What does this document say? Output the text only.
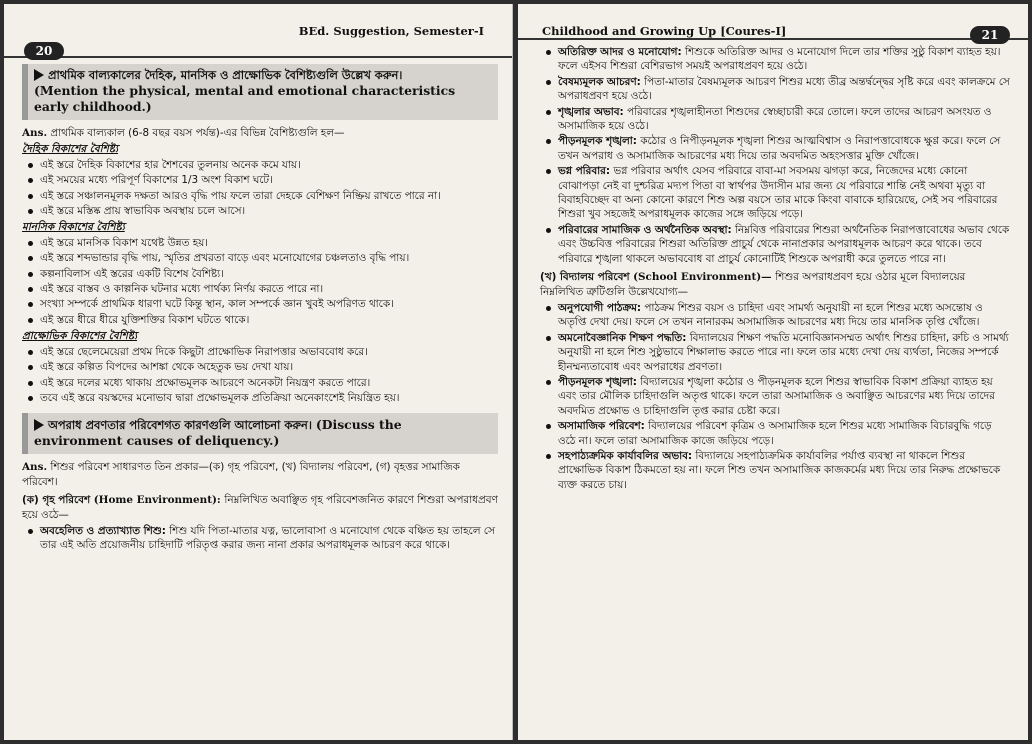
20
BEd. Suggestion, Semester-I
প্রাথমিক বাল্যকালের দৈহিক, মানসিক ও প্রাক্ষোভিক বৈশিষ্ট্যগুলি উল্লেখ করুন।
(Mention the physical, mental and emotional characteristics early childhood.)
Ans. প্রাথমিক বাল্যকাল (6-8 বছর বয়স পর্যন্ত)-এর বিভিন্ন বৈশিষ্ট্যগুলি হল—
দৈহিক বিকাশের বৈশিষ্ট্য
এই স্তরে দৈহিক বিকাশের হার শৈশবের তুলনায় অনেক কমে যায়।
এই সময়ের মধ্যে পরিপূর্ণ বিকাশের 1/3 অংশ বিকাশ ঘটে।
এই স্তরে সঞ্চালনমূলক দক্ষতা আরও বৃদ্ধি পায় ফলে তারা দেহকে বেশিক্ষণ নিষ্ক্রিয় রাখতে পারে না।
এই স্তরে মস্তিষ্ক প্রায় স্বাভাবিক অবস্থায় চলে আসে।
মানসিক বিকাশের বৈশিষ্ট্য
এই স্তরে মানসিক বিকাশ যথেষ্ট উন্নত হয়।
এই স্তরে শব্দভান্ডার বৃদ্ধি পায়, স্মৃতির প্রখরতা বাড়ে এবং মনোযোগের চঞ্চলতাও বৃদ্ধি পায়।
কল্পনাবিলাস এই স্তরের একটি বিশেষ বৈশিষ্ট্য।
এই স্তরে বাস্তব ও কাল্পনিক ঘটনার মধ্যে পার্থক্য নির্ণয় করতে পারে না।
সংখ্যা সম্পর্কে প্রাথমিক ধারণা ঘটে কিন্তু স্থান, কাল সম্পর্কে জ্ঞান খুবই অপরিণত থাকে।
এই স্তরে ধীরে ধীরে যুক্তিশক্তির বিকাশ ঘটতে থাকে।
প্রাক্ষোভিক বিকাশের বৈশিষ্ট্য
এই স্তরে ছেলেমেয়েরা প্রথম দিকে কিছুটা প্রাক্ষোভিক নিরাপত্তার অভাববোধ করে।
এই স্তরে কল্পিত বিপদের আশঙ্কা থেকে অহেতুক ভয় দেখা যায়।
এই স্তরে দলের মধ্যে থাকায় প্রক্ষোভমূলক আচরণে অনেকটা নিয়ন্ত্রণ করতে পারে।
তবে এই স্তরে বয়স্কদের মনোভাব দ্বারা প্রক্ষোভমূলক প্রতিক্রিয়া অনেকাংশেই নিয়ন্ত্রিত হয়।
অপরাধ প্রবণতার পরিবেশগত কারণগুলি আলোচনা করুন। (Discuss the environment causes of deliquency.)
Ans. শিশুর পরিবেশ সাধারণত তিন প্রকার—(ক) গৃহ পরিবেশ, (খ) বিদ্যালয় পরিবেশ, (গ) বৃহত্তর সামাজিক পরিবেশ।
(ক) গৃহ পরিবেশ (Home Environment): নিম্নলিখিত অবাঞ্ছিত গৃহ পরিবেশজনিত কারণে শিশুরা অপরাধপ্রবণ হয়ে ওঠে—
অবহেলিত ও প্রত্যাখ্যাত শিশু: শিশু যদি পিতা-মাতার যত্ন, ভালোবাসা ও মনোযোগ থেকে বঞ্চিত হয় তাহলে সে তার এই অতি প্রয়োজনীয় চাহিদাটি পরিতৃপ্ত করার জন্য নানা প্রকার অপরাধমূলক আচরণ করে থাকে।
Childhood and Growing Up [Coures-I]	21
অতিরিক্ত আদর ও মনোযোগ: শিশুকে অতিরিক্ত আদর ও মনোযোগ দিলে তার শক্তির সুষ্ঠু বিকাশ ব্যাহত হয়। ফলে এইসব শিশুরা বেশিরভাগ সময়ই অপরাধপ্রবণ হয়ে ওঠে।
বৈষম্যমূলক আচরণ: পিতা-মাতার বৈষম্যমূলক আচরণ শিশুর মধ্যে তীব্র অন্তর্দ্বন্দ্বের সৃষ্টি করে এবং কালক্রমে সে অপরাধপ্রবণ হয়ে ওঠে।
শৃঙ্খলার অভাব: পরিবারের শৃঙ্খলাহীনতা শিশুদের স্বেচ্ছাচারী করে তোলে। ফলে তাদের আচরণ অসংযত ও অসামাজিক হয়ে ওঠে।
পীড়নমূলক শৃঙ্খলা: কঠোর ও নিপীড়নমূলক শৃঙ্খলা শিশুর আত্মবিশ্বাস ও নিরাপত্তাবোধকে ক্ষুণ্ণ করে। ফলে সে তখন অপরাধ ও অসামাজিক আচরণের মধ্য দিয়ে তার অবদমিত অহংসত্তার মুক্তি খোঁজে।
ভগ্ন পরিবার: ভগ্ন পরিবার অর্থাৎ যেসব পরিবারে বাবা-মা সবসময় ঝগড়া করে, নিজেদের মধ্যে কোনো বোঝাপড়া নেই বা দুশ্চরিত্র মদ্যপ পিতা বা স্বার্থপর উদাসীন মার জন্য যে পরিবারে শান্তি নেই অথবা মৃত্যু বা বিবাহবিচ্ছেদ বা অন্য কোনো কারণে শিশু অল্প বয়সে তার মাকে কিংবা বাবাকে হারিয়েছে, সেই সব পরিবারের শিশুরা খুব সহজেই অপরাধমূলক কাজের সঙ্গে জড়িয়ে পড়ে।
পরিবারের সামাজিক ও অর্থনৈতিক অবস্থা: নিম্নবিত্ত পরিবারের শিশুরা অর্থনৈতিক নিরাপত্তাবোধের অভাব থেকে এবং উচ্চবিত্ত পরিবারের শিশুরা অতিরিক্ত প্রাচুর্য থেকে নানাপ্রকার অপরাধমূলক আচরণ করে থাকে। তবে পরিবারে শৃঙ্খলা থাকলে অভাববোধ বা প্রাচুর্য কোনোটিই শিশুকে অপরাধী করে তুলতে পারে না।
(খ) বিদ্যালয় পরিবেশ (School Environment)— শিশুর অপরাধপ্রবণ হয়ে ওঠার মূলে বিদ্যালয়ের নিম্নলিখিত ত্রুটিগুলি উল্লেখযোগ্য—
অনুপযোগী পাঠক্রম: পাঠক্রম শিশুর বয়স ও চাহিদা এবং সামর্থ্য অনুযায়ী না হলে শিশুর মধ্যে অসন্তোষ ও অতৃপ্তি দেখা দেয়। ফলে সে তখন নানারকম অসামাজিক আচরণের মধ্য দিয়ে তার মানসিক তৃপ্তি খোঁজে।
অমনোবৈজ্ঞানিক শিক্ষণ পদ্ধতি: বিদ্যালয়ের শিক্ষণ পদ্ধতি মনোবিজ্ঞানসম্মত অর্থাৎ শিশুর চাহিদা, রুচি ও সামর্থ্য অনুযায়ী না হলে শিশু সুষ্ঠুভাবে শিক্ষালাভ করতে পারে না। ফলে তার মধ্যে দেখা দেয় ব্যর্থতা, নিজের সম্পর্কে হীনম্মন্যতাবোধ এবং অপরাধের প্রবণতা।
পীড়নমূলক শৃঙ্খলা: বিদ্যালয়ের শৃঙ্খলা কঠোর ও পীড়নমূলক হলে শিশুর স্বাভাবিক বিকাশ প্রক্রিয়া ব্যাহত হয় এবং তার মৌলিক চাহিদাগুলি অতৃপ্ত থাকে। ফলে তারা অসামাজিক ও অবাঞ্ছিত আচরণের মধ্য দিয়ে তাদের অবদমিত প্রক্ষোভ ও চাহিদাগুলি তৃপ্ত করার চেষ্টা করে।
অসামাজিক পরিবেশ: বিদ্যালয়ের পরিবেশ কৃত্রিম ও অসামাজিক হলে শিশুর মধ্যে সামাজিক বিচারবুদ্ধি গড়ে ওঠে না। ফলে তারা অসামাজিক কাজে জড়িয়ে পড়ে।
সহপাঠ্যক্রমিক কার্যাবলির অভাব: বিদ্যালয়ে সহপাঠ্যক্রমিক কার্যাবলির পর্যাপ্ত ব্যবস্থা না থাকলে শিশুর প্রাক্ষোভিক বিকাশ ঠিকমতো হয় না। ফলে শিশু তখন অসামাজিক কাজকর্মের মধ্য দিয়ে তার নিরুদ্ধ প্রক্ষোভকে ব্যক্ত করতে চায়।
